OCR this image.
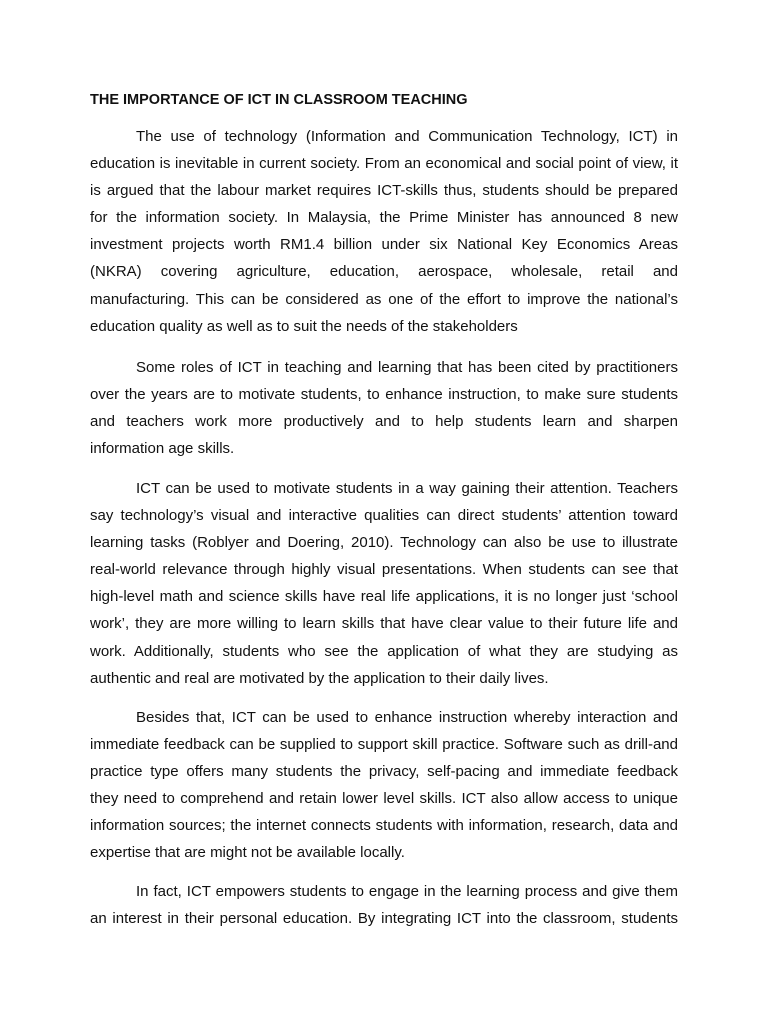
THE IMPORTANCE OF ICT IN CLASSROOM TEACHING
The use of technology (Information and Communication Technology, ICT) in
education is inevitable in current society. From an economical and social point of view, it
is argued that the labour market requires ICT-skills thus, students should be prepared
for the information society. In Malaysia, the Prime Minister has announced 8 new
investment projects worth RM1.4 billion under six National Key Economics Areas
(NKRA) covering agriculture, education, aerospace, wholesale, retail and
manufacturing. This can be considered as one of the effort to improve the national’s
education quality as well as to suit the needs of the stakeholders
Some roles of ICT in teaching and learning that has been cited by practitioners
over the years are to motivate students, to enhance instruction, to make sure students
and teachers work more productively and to help students learn and sharpen
information age skills.
ICT can be used to motivate students in a way gaining their attention. Teachers
say technology’s visual and interactive qualities can direct students’ attention toward
learning tasks (Roblyer and Doering, 2010). Technology can also be use to illustrate
real-world relevance through highly visual presentations. When students can see that
high-level math and science skills have real life applications, it is no longer just ‘school
work’, they are more willing to learn skills that have clear value to their future life and
work. Additionally, students who see the application of what they are studying as
authentic and real are motivated by the application to their daily lives.
Besides that, ICT can be used to enhance instruction whereby interaction and
immediate feedback can be supplied to support skill practice. Software such as drill-and
practice type offers many students the privacy, self-pacing and immediate feedback
they need to comprehend and retain lower level skills. ICT also allow access to unique
information sources; the internet connects students with information, research, data and
expertise that are might not be available locally.
In fact, ICT empowers students to engage in the learning process and give them
an interest in their personal education. By integrating ICT into the classroom, students
